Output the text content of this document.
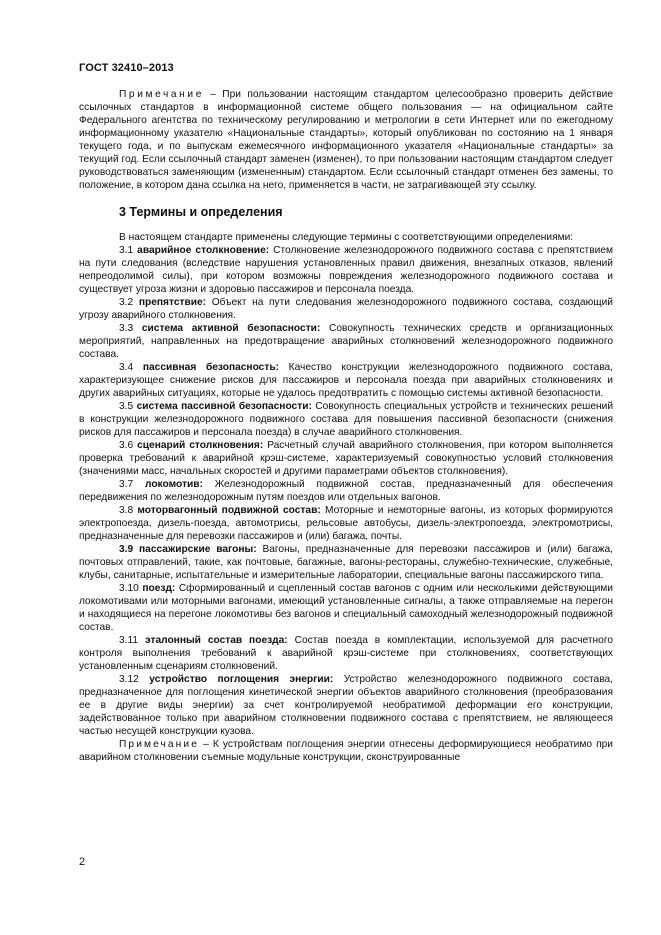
ГОСТ 32410–2013

Примечание – При пользовании настоящим стандартом целесообразно проверить действие ссылочных стандартов в информационной системе общего пользования — на официальном сайте Федерального агентства по техническому регулированию и метрологии в сети Интернет или по ежегодному информационному указателю «Национальные стандарты», который опубликован по состоянию на 1 января текущего года, и по выпускам ежемесячного информационного указателя «Национальные стандарты» за текущий год. Если ссылочный стандарт заменен (изменен), то при пользовании настоящим стандартом следует руководствоваться заменяющим (измененным) стандартом. Если ссылочный стандарт отменен без замены, то положение, в котором дана ссылка на него, применяется в части, не затрагивающей эту ссылку.

3 Термины и определения

В настоящем стандарте применены следующие термины с соответствующими определениями:

3.1 аварийное столкновение: Столкновение железнодорожного подвижного состава с препятствием на пути следования (вследствие нарушения установленных правил движения, внезапных отказов, явлений непреодолимой силы), при котором возможны повреждения железнодорожного подвижного состава и существует угроза жизни и здоровью пассажиров и персонала поезда.

3.2 препятствие: Объект на пути следования железнодорожного подвижного состава, создающий угрозу аварийного столкновения.

3.3 система активной безопасности: Совокупность технических средств и организационных мероприятий, направленных на предотвращение аварийных столкновений железнодорожного подвижного состава.

3.4 пассивная безопасность: Качество конструкции железнодорожного подвижного состава, характеризующее снижение рисков для пассажиров и персонала поезда при аварийных столкновениях и других аварийных ситуациях, которые не удалось предотвратить с помощью системы активной безопасности.

3.5 система пассивной безопасности: Совокупность специальных устройств и технических решений в конструкции железнодорожного подвижного состава для повышения пассивной безопасности (снижения рисков для пассажиров и персонала поезда) в случае аварийного столкновения.

3.6 сценарий столкновения: Расчетный случай аварийного столкновения, при котором выполняется проверка требований к аварийной крэш-системе, характеризуемый совокупностью условий столкновения (значениями масс, начальных скоростей и другими параметрами объектов столкновения).

3.7 локомотив: Железнодорожный подвижной состав, предназначенный для обеспечения передвижения по железнодорожным путям поездов или отдельных вагонов.

3.8 моторвагонный подвижной состав: Моторные и немоторные вагоны, из которых формируются электропоезда, дизель-поезда, автомотрисы, рельсовые автобусы, дизель-электропоезда, электромотрисы, предназначенные для перевозки пассажиров и (или) багажа, почты.

3.9 пассажирские вагоны: Вагоны, предназначенные для перевозки пассажиров и (или) багажа, почтовых отправлений, такие, как почтовые, багажные, вагоны-рестораны, служебно-технические, служебные, клубы, санитарные, испытательные и измерительные лаборатории, специальные вагоны пассажирского типа.

3.10 поезд: Сформированный и сцепленный состав вагонов с одним или несколькими действующими локомотивами или моторными вагонами, имеющий установленные сигналы, а также отправляемые на перегон и находящиеся на перегоне локомотивы без вагонов и специальный самоходный железнодорожный подвижной состав.

3.11 эталонный состав поезда: Состав поезда в комплектации, используемой для расчетного контроля выполнения требований к аварийной крэш-системе при столкновениях, соответствующих установленным сценариям столкновений.

3.12 устройство поглощения энергии: Устройство железнодорожного подвижного состава, предназначенное для поглощения кинетической энергии объектов аварийного столкновения (преобразования ее в другие виды энергии) за счет контролируемой необратимой деформации его конструкции, задействованное только при аварийном столкновении подвижного состава с препятствием, не являющееся частью несущей конструкции кузова.

Примечание – К устройствам поглощения энергии отнесены деформирующиеся необратимо при аварийном столкновении съемные модульные конструкции, сконструированные

2
